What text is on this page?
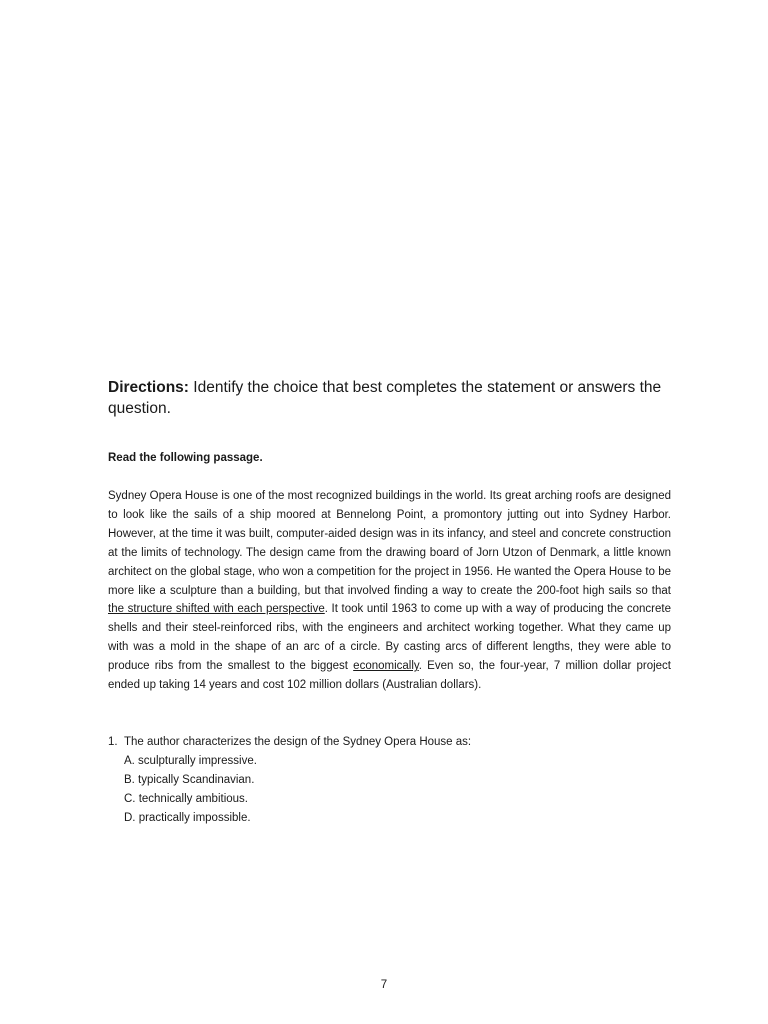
Directions: Identify the choice that best completes the statement or answers the question.

Read the following passage.

Sydney Opera House is one of the most recognized buildings in the world. Its great arching roofs are designed to look like the sails of a ship moored at Bennelong Point, a promontory jutting out into Sydney Harbor. However, at the time it was built, computer-aided design was in its infancy, and steel and concrete construction at the limits of technology. The design came from the drawing board of Jorn Utzon of Denmark, a little known architect on the global stage, who won a competition for the project in 1956. He wanted the Opera House to be more like a sculpture than a building, but that involved finding a way to create the 200-foot high sails so that the structure shifted with each perspective. It took until 1963 to come up with a way of producing the concrete shells and their steel-reinforced ribs, with the engineers and architect working together. What they came up with was a mold in the shape of an arc of a circle. By casting arcs of different lengths, they were able to produce ribs from the smallest to the biggest economically. Even so, the four-year, 7 million dollar project ended up taking 14 years and cost 102 million dollars (Australian dollars).

1. The author characterizes the design of the Sydney Opera House as:
A. sculpturally impressive.
B. typically Scandinavian.
C. technically ambitious.
D. practically impossible.
7
